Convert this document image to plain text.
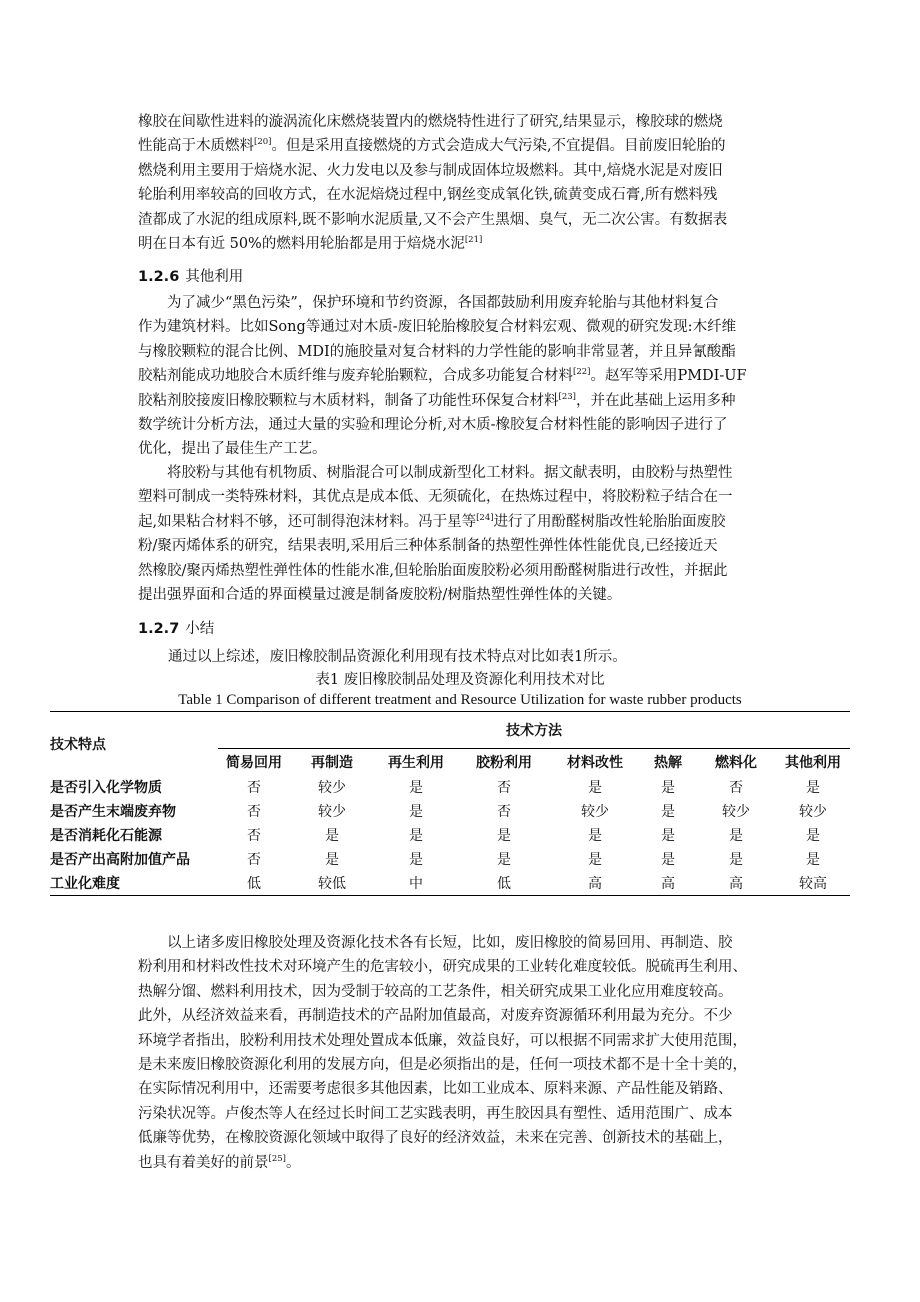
橡胶在间歇性进料的漩涡流化床燃烧装置内的燃烧特性进行了研究,结果显示，橡胶球的燃烧
性能高于木质燃料[20]。但是采用直接燃烧的方式会造成大气污染,不宜提倡。目前废旧轮胎的
燃烧利用主要用于焙烧水泥、火力发电以及参与制成固体垃圾燃料。其中,焙烧水泥是对废旧
轮胎利用率较高的回收方式，在水泥焙烧过程中,钢丝变成氧化铁,硫黄变成石膏,所有燃料残
渣都成了水泥的组成原料,既不影响水泥质量,又不会产生黑烟、臭气，无二次公害。有数据表
明在日本有近 50%的燃料用轮胎都是用于焙烧水泥[21]
1.2.6 其他利用
为了减少“黑色污染”，保护环境和节约资源，各国都鼓励利用废弃轮胎与其他材料复合
作为建筑材料。比如Song等通过对木质-废旧轮胎橡胶复合材料宏观、微观的研究发现:木纤维
与橡胶颗粒的混合比例、MDI的施胶量对复合材料的力学性能的影响非常显著，并且异氰酸酯
胶粘剂能成功地胶合木质纤维与废弃轮胎颗粒，合成多功能复合材料[22]。赵军等采用PMDI-UF
胶粘剂胶接废旧橡胶颗粒与木质材料，制备了功能性环保复合材料[23]，并在此基础上运用多种
数学统计分析方法，通过大量的实验和理论分析,对木质-橡胶复合材料性能的影响因子进行了
优化，提出了最佳生产工艺。
将胶粉与其他有机物质、树脂混合可以制成新型化工材料。据文献表明，由胶粉与热塑性
塑料可制成一类特殊材料，其优点是成本低、无须硫化，在热炼过程中，将胶粉粒子结合在一
起,如果粘合材料不够，还可制得泡沫材料。冯于星等[24]进行了用酚醛树脂改性轮胎胎面废胶
粉/聚丙烯体系的研究，结果表明,采用后三种体系制备的热塑性弹性体性能优良,已经接近天
然橡胶/聚丙烯热塑性弹性体的性能水准,但轮胎胎面废胶粉必须用酚醛树脂进行改性，并据此
提出强界面和合适的界面模量过渡是制备废胶粉/树脂热塑性弹性体的关键。
1.2.7 小结
通过以上综述，废旧橡胶制品资源化利用现有技术特点对比如表1所示。
表1 废旧橡胶制品处理及资源化利用技术对比
Table 1 Comparison of different treatment and Resource Utilization for waste rubber products
技术特点	技术方法							
	简易回用	再制造	再生利用	胶粉利用	材料改性	热解	燃料化	其他利用
是否引入化学物质	否	较少	是	否	是	是	否	是
是否产生末端废弃物	否	较少	是	否	较少	是	较少	较少
是否消耗化石能源	否	是	是	是	是	是	是	是
是否产出高附加值产品	否	是	是	是	是	是	是	是
工业化难度	低	较低	中	低	高	高	高	较高
以上诸多废旧橡胶处理及资源化技术各有长短，比如，废旧橡胶的简易回用、再制造、胶
粉利用和材料改性技术对环境产生的危害较小，研究成果的工业转化难度较低。脱硫再生利用、
热解分馏、燃料利用技术，因为受制于较高的工艺条件，相关研究成果工业化应用难度较高。
此外，从经济效益来看，再制造技术的产品附加值最高，对废弃资源循环利用最为充分。不少
环境学者指出，胶粉利用技术处理处置成本低廉，效益良好，可以根据不同需求扩大使用范围，
是未来废旧橡胶资源化利用的发展方向，但是必须指出的是，任何一项技术都不是十全十美的，
在实际情况利用中，还需要考虑很多其他因素，比如工业成本、原料来源、产品性能及销路、
污染状况等。卢俊杰等人在经过长时间工艺实践表明，再生胶因具有塑性、适用范围广、成本
低廉等优势，在橡胶资源化领域中取得了良好的经济效益，未来在完善、创新技术的基础上，
也具有着美好的前景[25]。
